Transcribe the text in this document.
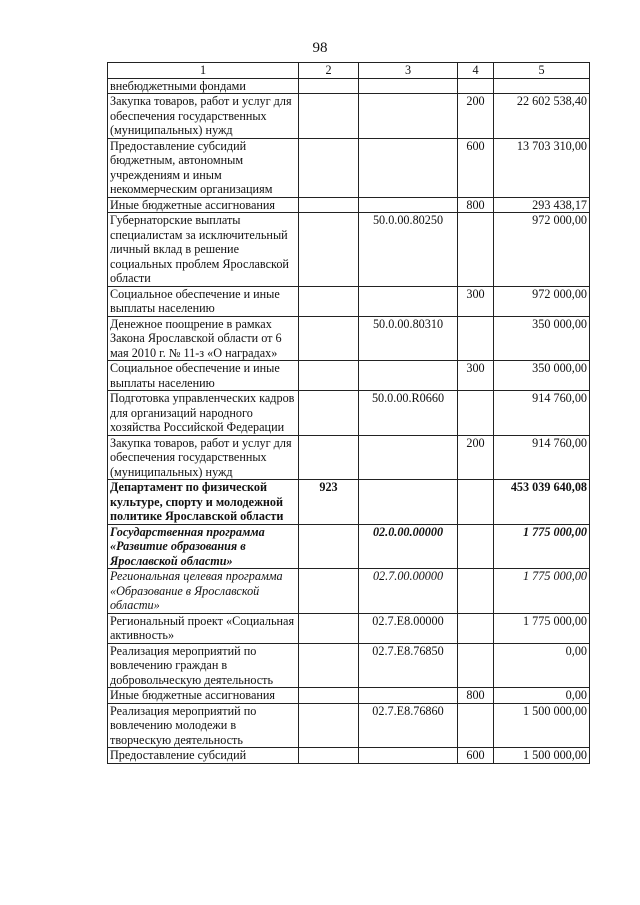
98
1	2	3	4	5
внебюджетными фондами				
Закупка товаров, работ и услуг для обеспечения государственных (муниципальных) нужд			200	22 602 538,40
Предоставление субсидий бюджетным, автономным учреждениям и иным некоммерческим организациям			600	13 703 310,00
Иные бюджетные ассигнования			800	293 438,17
Губернаторские выплаты специалистам за исключительный личный вклад в решение социальных проблем Ярославской области		50.0.00.80250		972 000,00
Социальное обеспечение и иные выплаты населению			300	972 000,00
Денежное поощрение в рамках Закона Ярославской области от 6 мая 2010 г. № 11-з «О наградах»		50.0.00.80310		350 000,00
Социальное обеспечение и иные выплаты населению			300	350 000,00
Подготовка управленческих кадров для организаций народного хозяйства Российской Федерации		50.0.00.R0660		914 760,00
Закупка товаров, работ и услуг для обеспечения государственных (муниципальных) нужд			200	914 760,00
Департамент по физической культуре, спорту и молодежной политике Ярославской области	923			453 039 640,08
Государственная программа «Развитие образования в Ярославской области»		02.0.00.00000		1 775 000,00
Региональная целевая программа «Образование в Ярославской области»		02.7.00.00000		1 775 000,00
Региональный проект «Социальная активность»		02.7.E8.00000		1 775 000,00
Реализация мероприятий по вовлечению граждан в добровольческую деятельность		02.7.E8.76850		0,00
Иные бюджетные ассигнования			800	0,00
Реализация мероприятий по вовлечению молодежи в творческую деятельность		02.7.E8.76860		1 500 000,00
Предоставление субсидий			600	1 500 000,00
